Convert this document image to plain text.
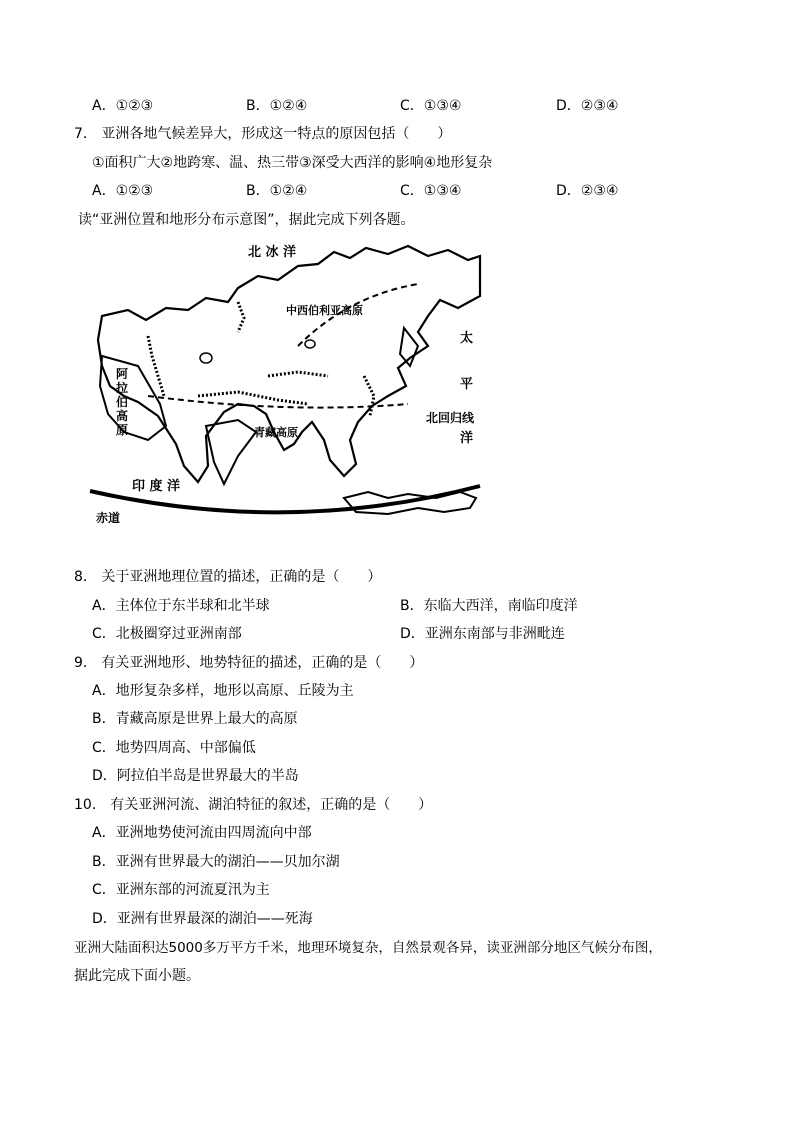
A．①②③	B．①②④	C．①③④	D．②③④
7． 亚洲各地气候差异大，形成这一特点的原因包括（　　）
①面积广大②地跨寒、温、热三带③深受大西洋的影响④地形复杂
A．①②③	B．①②④	C．①③④	D．②③④
读“亚洲位置和地形分布示意图”，据此完成下列各题。
北 冰 洋
中西伯利亚高原
太
平
北回归线
洋
阿
拉
伯
高
原	青藏高原
印 度 洋
赤道
8． 关于亚洲地理位置的描述，正确的是（　　）
A．主体位于东半球和北半球	B．东临大西洋，南临印度洋
C．北极圈穿过亚洲南部	D．亚洲东南部与非洲毗连
9． 有关亚洲地形、地势特征的描述，正确的是（　　）
A．地形复杂多样，地形以高原、丘陵为主
B．青藏高原是世界上最大的高原
C．地势四周高、中部偏低
D．阿拉伯半岛是世界最大的半岛
10． 有关亚洲河流、湖泊特征的叙述，正确的是（　　）
A．亚洲地势使河流由四周流向中部
B．亚洲有世界最大的湖泊——贝加尔湖
C．亚洲东部的河流夏汛为主
D．亚洲有世界最深的湖泊——死海
亚洲大陆面积达5000多万平方千米，地理环境复杂，自然景观各异，读亚洲部分地区气候分布图，
据此完成下面小题。
